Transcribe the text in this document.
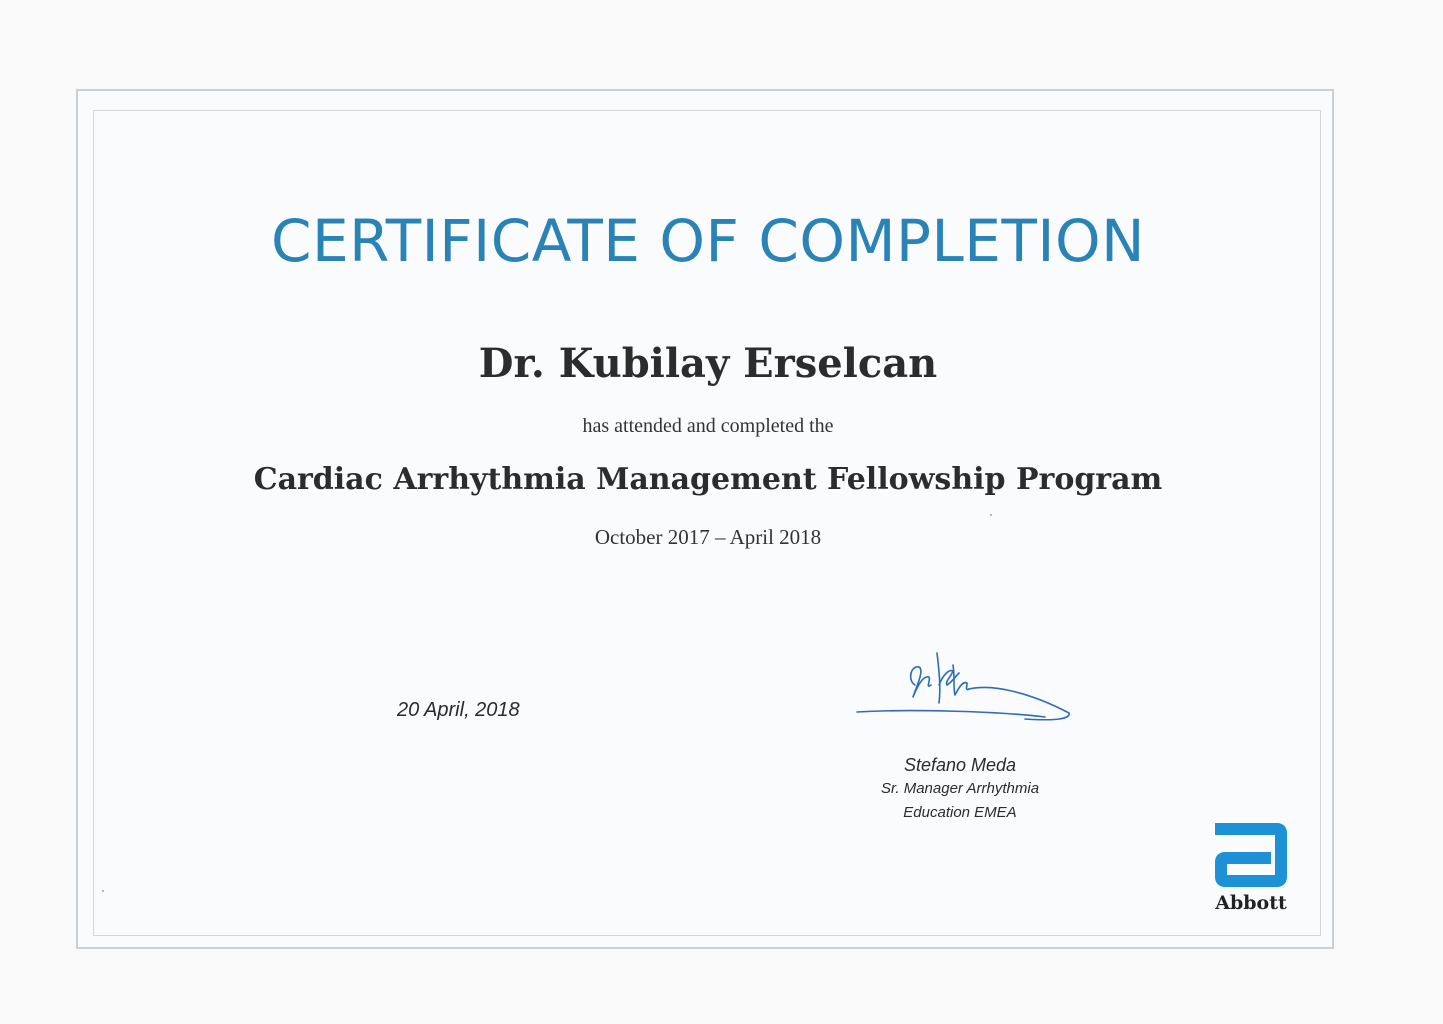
CERTIFICATE OF COMPLETION
Dr. Kubilay Erselcan
has attended and completed the
Cardiac Arrhythmia Management Fellowship Program
October 2017 – April 2018
20 April, 2018
Stefano Meda
Sr. Manager Arrhythmia
Education EMEA
Abbott
